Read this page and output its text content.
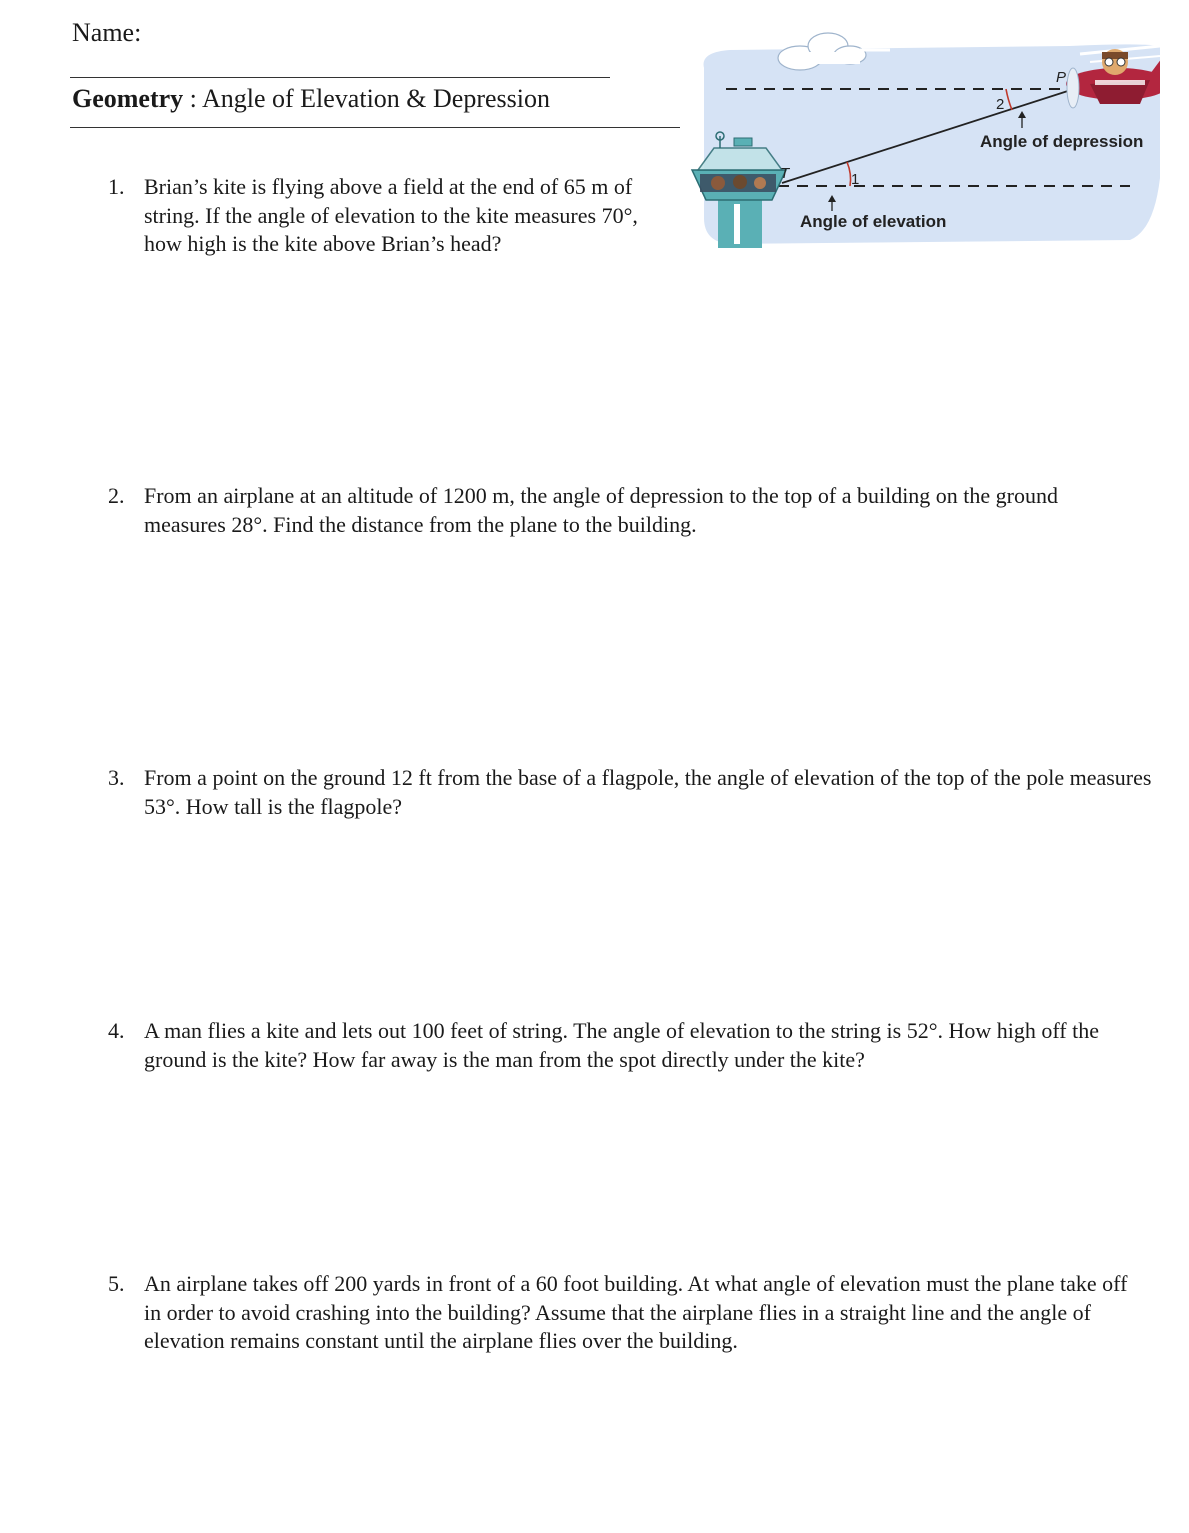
Name:
Geometry : Angle of Elevation & Depression
P
T	1
2
Angle of depression
Angle of elevation
1. Brian’s kite is flying above a field at the end of 65 m of string. If the angle of elevation to the kite measures 70°, how high is the kite above Brian’s head?
2. From an airplane at an altitude of 1200 m, the angle of depression to the top of a building on the ground measures 28°. Find the distance from the plane to the building.
3. From a point on the ground 12 ft from the base of a flagpole, the angle of elevation of the top of the pole measures 53°. How tall is the flagpole?
4. A man flies a kite and lets out 100 feet of string. The angle of elevation to the string is 52°. How high off the ground is the kite? How far away is the man from the spot directly under the kite?
5. An airplane takes off 200 yards in front of a 60 foot building. At what angle of elevation must the plane take off in order to avoid crashing into the building? Assume that the airplane flies in a straight line and the angle of elevation remains constant until the airplane flies over the building.
